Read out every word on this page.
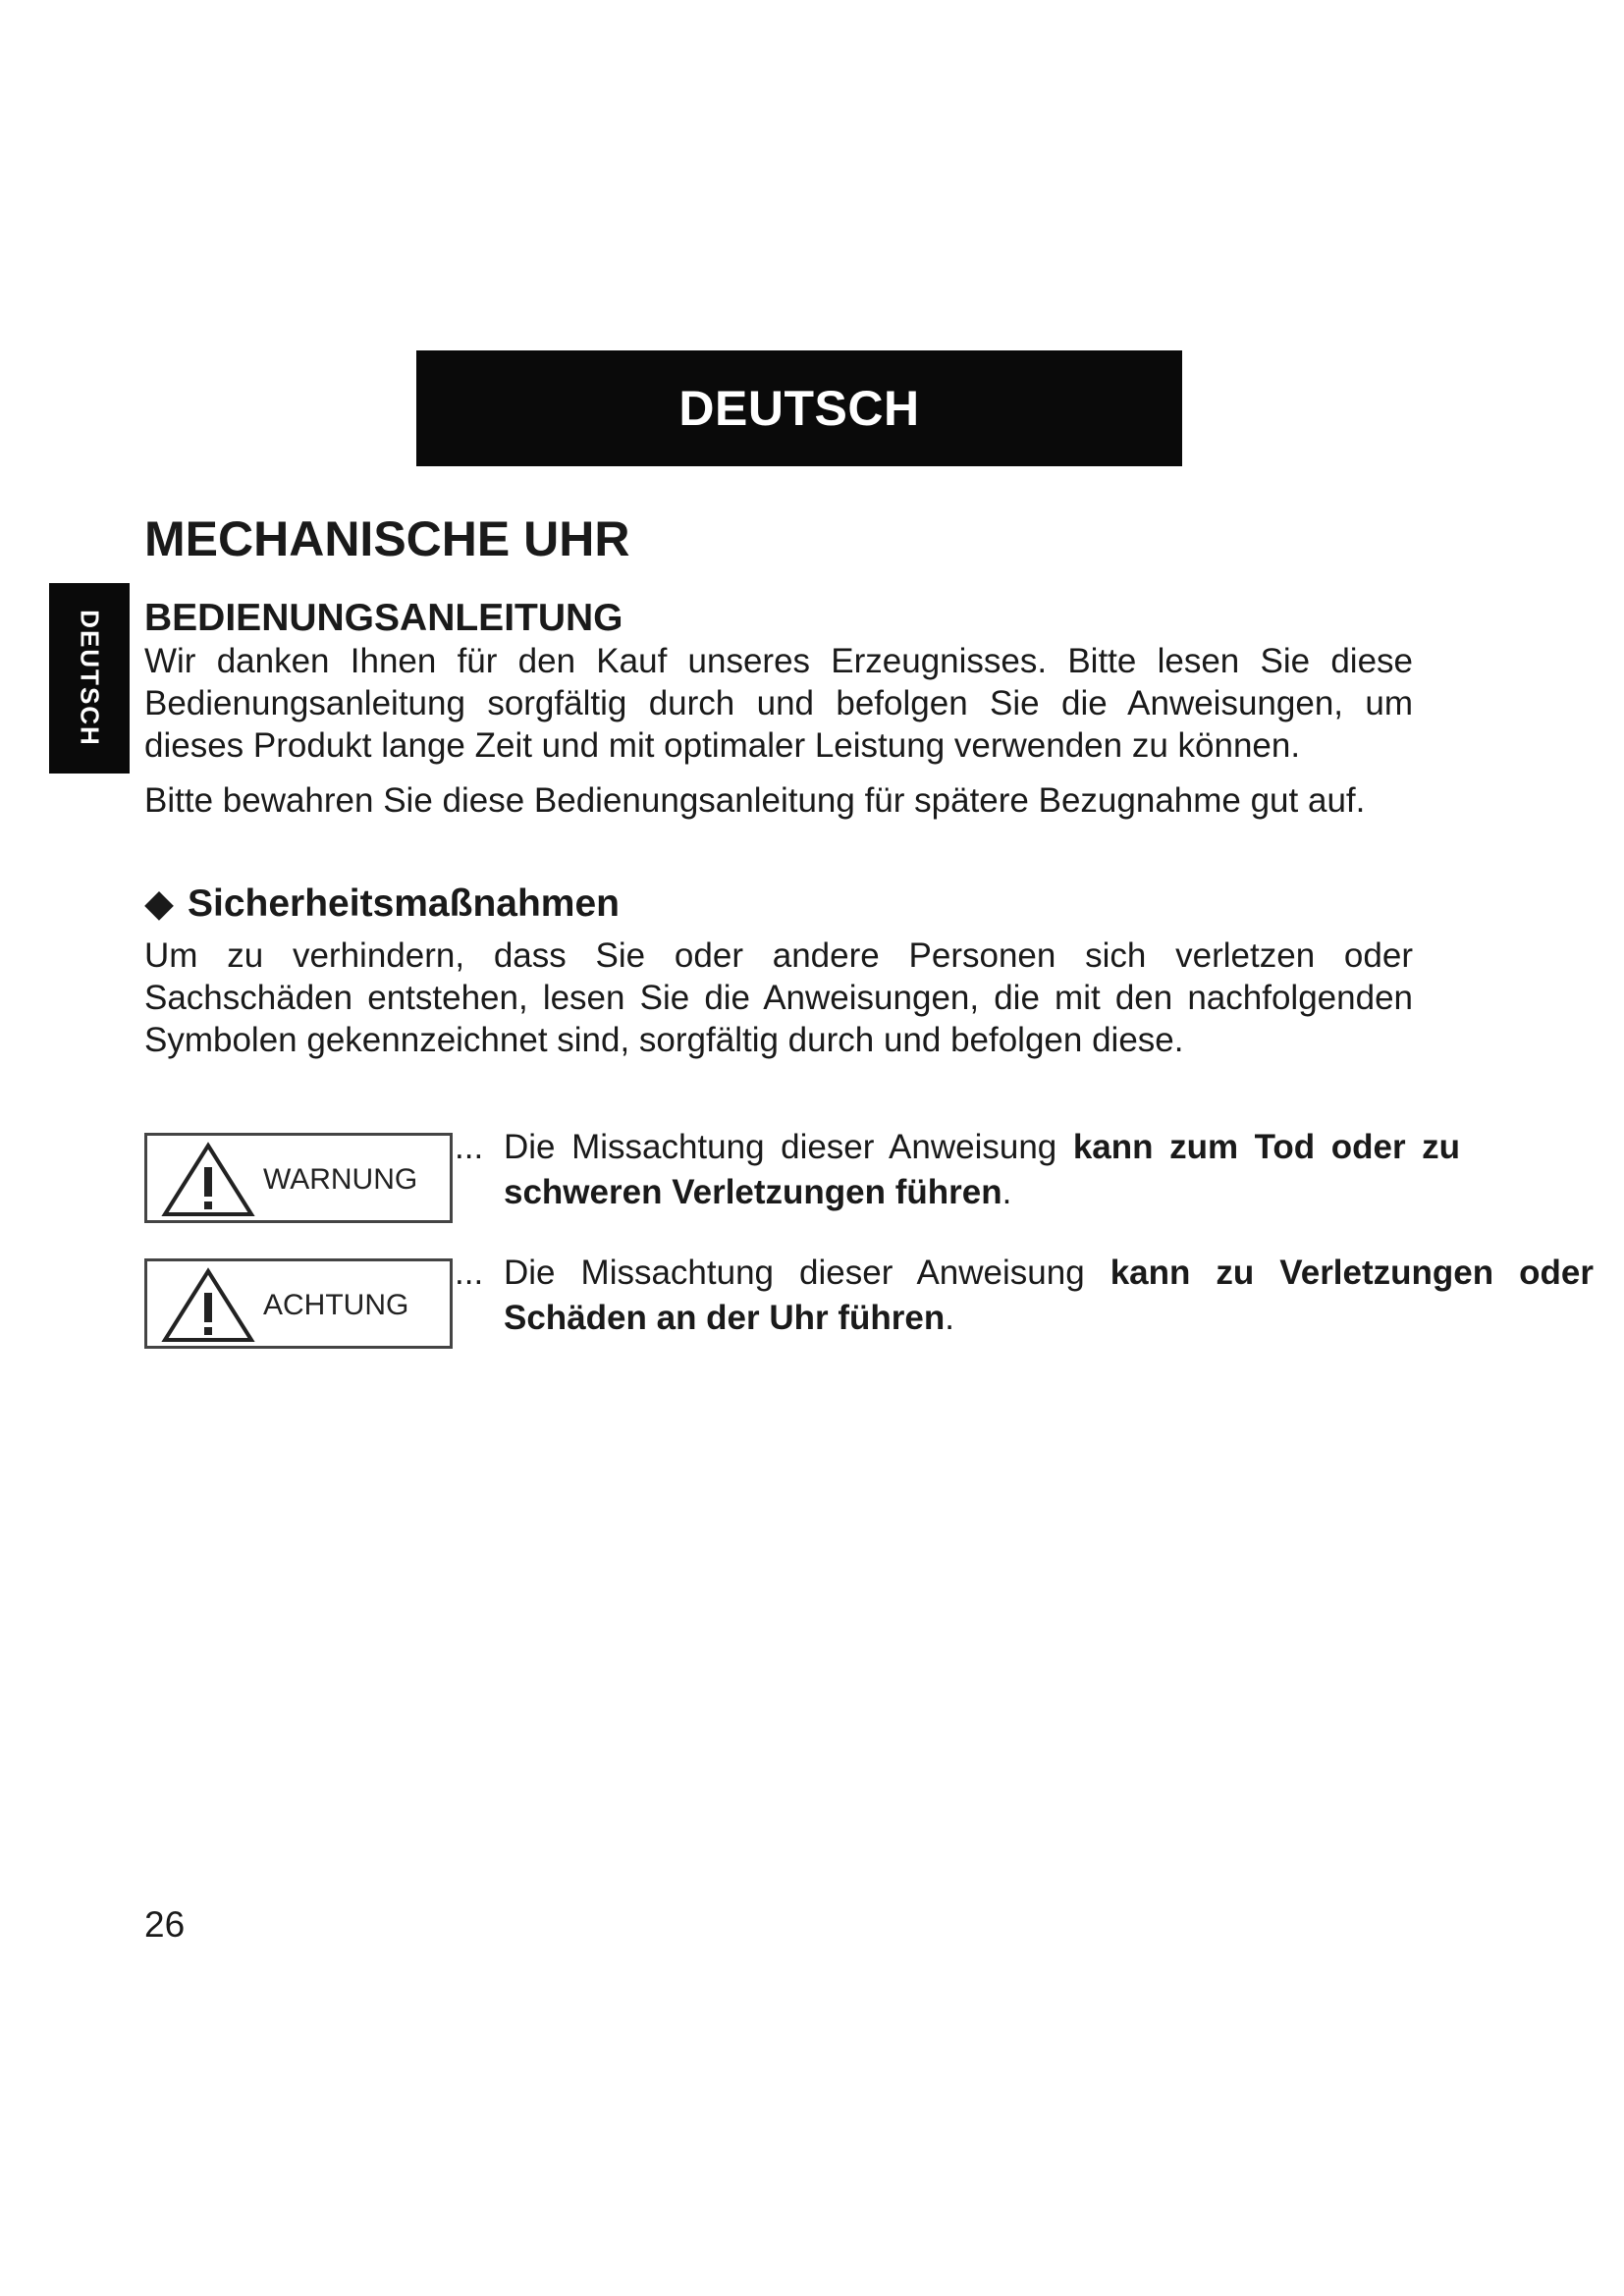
DEUTSCH
DEUTSCH
MECHANISCHE UHR
BEDIENUNGSANLEITUNG

Wir danken Ihnen für den Kauf unseres Erzeugnisses. Bitte lesen Sie diese Bedienungsanleitung sorgfältig durch und befolgen Sie die Anweisungen, um dieses Produkt lange Zeit und mit optimaler Leistung verwenden zu können.

Bitte bewahren Sie diese Bedienungsanleitung für spätere Bezugnahme gut auf.

◆ Sicherheitsmaßnahmen

Um zu verhindern, dass Sie oder andere Personen sich verletzen oder Sachschäden entstehen, lesen Sie die Anweisungen, die mit den nachfolgenden Symbolen gekennzeichnet sind, sorgfältig durch und befolgen diese.

WARNUNG
... Die Missachtung dieser Anweisung kann zum Tod oder zu schweren Verletzungen führen.
ACHTUNG
... Die Missachtung dieser Anweisung kann zu Verletzungen oder Schäden an der Uhr führen.
26
